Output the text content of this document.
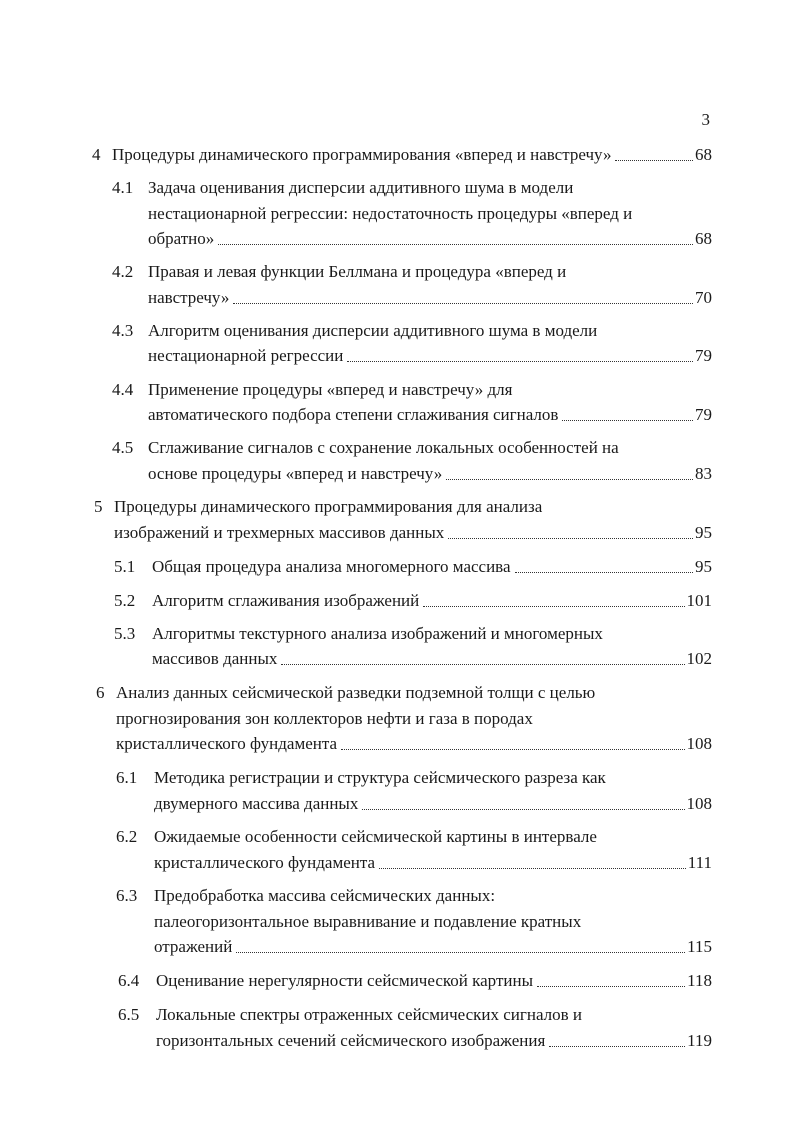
3
4 Процедуры динамического программирования «вперед и навстречу»	68
4.1 Задача оценивания дисперсии аддитивного шума в модели
нестационарной регрессии: недостаточность процедуры «вперед и
обратно»	68
4.2 Правая и левая функции Беллмана и процедура «вперед и
навстречу»	70
4.3 Алгоритм оценивания дисперсии аддитивного шума в модели
нестационарной регрессии	79
4.4 Применение процедуры «вперед и навстречу» для
автоматического подбора степени сглаживания сигналов	79
4.5 Сглаживание сигналов с сохранение локальных особенностей на
основе процедуры «вперед и навстречу»	83
5 Процедуры динамического программирования для анализа
изображений и трехмерных массивов данных	95
5.1 Общая процедура анализа многомерного массива	95
5.2 Алгоритм сглаживания изображений	101
5.3 Алгоритмы текстурного анализа изображений и многомерных
массивов данных	102
6 Анализ данных сейсмической разведки подземной толщи с целью
прогнозирования зон коллекторов нефти и газа в породах
кристаллического фундамента	108
6.1 Методика регистрации и структура сейсмического разреза как
двумерного массива данных	108
6.2 Ожидаемые особенности сейсмической картины в интервале
кристаллического фундамента	111
6.3 Предобработка массива сейсмических данных:
палеогоризонтальное выравнивание и подавление кратных
отражений	115
6.4 Оценивание нерегулярности сейсмической картины	118
6.5 Локальные спектры отраженных сейсмических сигналов и
горизонтальных сечений сейсмического изображения	119
